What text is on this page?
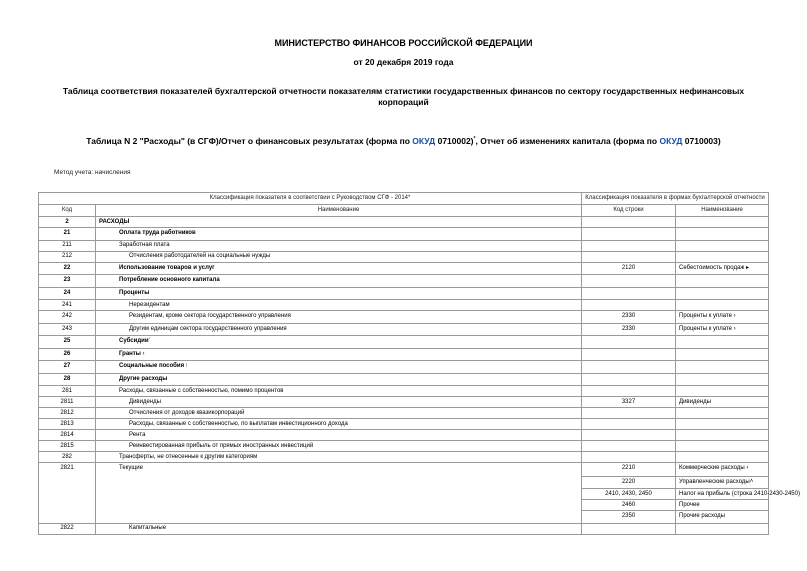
МИНИСТЕРСТВО ФИНАНСОВ РОССИЙСКОЙ ФЕДЕРАЦИИ
от 20 декабря 2019 года
Таблица соответствия показателей бухгалтерской отчетности показателям статистики государственных финансов по сектору государственных нефинансовых корпораций
Таблица N 2 "Расходы" (в СГФ)/Отчет о финансовых результатах (форма по ОКУД 0710002)*, Отчет об изменениях капитала (форма по ОКУД 0710003)
Метод учета: начисления
Классификация показателя в соответствии с Руководством СГФ - 2014*		Классификация показателя в формах бухгалтерской отчетности	
Код	Наименование	Код строки	Наименование
2	РАСХОДЫ		
21	Оплата труда работников		
211	Заработная плата		
212	Отчисления работодателей на социальные нужды		
22	Использование товаров и услуг	2120	Себестоимость продаж ▸
23	Потребление основного капитала		
24	Проценты		
241	Нерезидентам		
242	Резидентам, кроме сектора государственного управления	2330	Проценты к уплате ›
243	Другим единицам сектора государственного управления	2330	Проценты к уплате ›
25	Субсидии’		
26	Гранты ‹		
27	Социальные пособия ∶		
28	Другие расходы		
281	Расходы, связанные с собственностью, помимо процентов		
2811	Дивиденды	3327	Дивиденды
2812	Отчисления от доходов квазикорпораций		
2813	Расходы, связанные с собственностью, по выплатам инвестиционного дохода		
2814	Рента		
2815	Реинвестированная прибыль от прямых иностранных инвестиций		
282	Трансферты, не отнесенные к другим категориям		
2821	Текущие	2210	Коммерческие расходы ›
		2220	Управленческие расходы˄
		2410, 2430, 2450	Налог на прибыль (строка 2410-2430-2450)
		2460	Прочее
		2350	Прочие расходы
2822	Капитальные		
